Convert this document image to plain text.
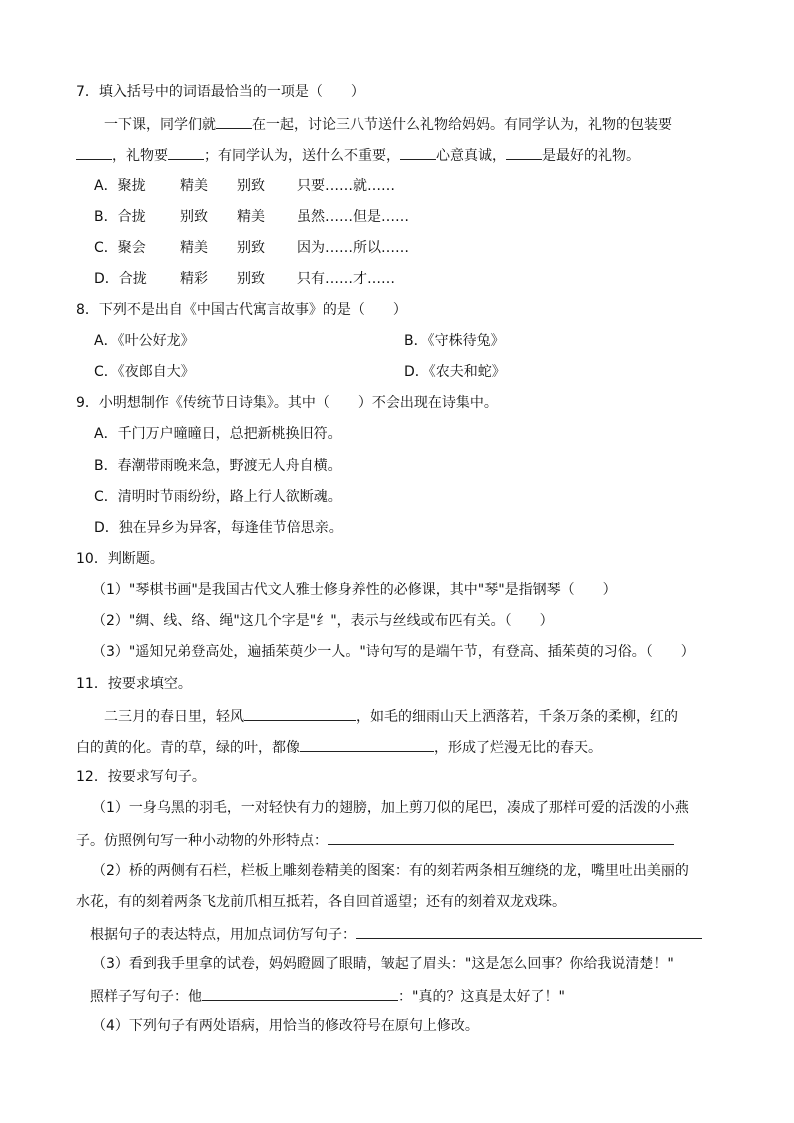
7．填入括号中的词语最恰当的一项是（　　）
一下课，同学们就	在一起，讨论三八节送什么礼物给妈妈。有同学认为，礼物的包装要
，礼物要	；有同学认为，送什么不重要，	心意真诚，	是最好的礼物。
A．聚拢 精美 别致 只要……就……
B．合拢 别致 精美 虽然……但是……
C．聚会 精美 别致 因为……所以……
D．合拢 精彩 别致 只有……才……
8．下列不是出自《中国古代寓言故事》的是（　　）
A．《叶公好龙》	B．《守株待兔》
C．《夜郎自大》	D．《农夫和蛇》
9．小明想制作《传统节日诗集》。其中（　　）不会出现在诗集中。
A．千门万户曈曈日，总把新桃换旧符。
B．春潮带雨晚来急，野渡无人舟自横。
C．清明时节雨纷纷，路上行人欲断魂。
D．独在异乡为异客，每逢佳节倍思亲。
10．判断题。
（1）"琴棋书画"是我国古代文人雅士修身养性的必修课，其中"琴"是指钢琴（　　）
（2）"绸、线、络、绳"这几个字是"纟"，表示与丝线或布匹有关。（　　）
（3）"遥知兄弟登高处，遍插茱萸少一人。"诗句写的是端午节，有登高、插茱萸的习俗。（　　）
11．按要求填空。
二三月的春日里，轻风	，如毛的细雨山天上洒落若，千条万条的柔柳，红的
白的黄的化。青的草，绿的叶，都像	，形成了烂漫无比的春天。
12．按要求写句子。
（1）一身乌黑的羽毛，一对轻快有力的翅膀，加上剪刀似的尾巴，凑成了那样可爱的活泼的小燕
子。仿照例句写一种小动物的外形特点：
（2）桥的两侧有石栏，栏板上雕刻卷精美的图案：有的刻若两条相互缠绕的龙，嘴里吐出美丽的
水花，有的刻着两条飞龙前爪相互抵若，各自回首遥望；还有的刻着双龙戏珠。
根据句子的表达特点，用加点词仿写句子：
（3）看到我手里拿的试卷，妈妈瞪圆了眼睛，皱起了眉头："这是怎么回事？你给我说清楚！"
照样子写句子：他	："真的？这真是太好了！"
（4）下列句子有两处语病，用恰当的修改符号在原句上修改。
